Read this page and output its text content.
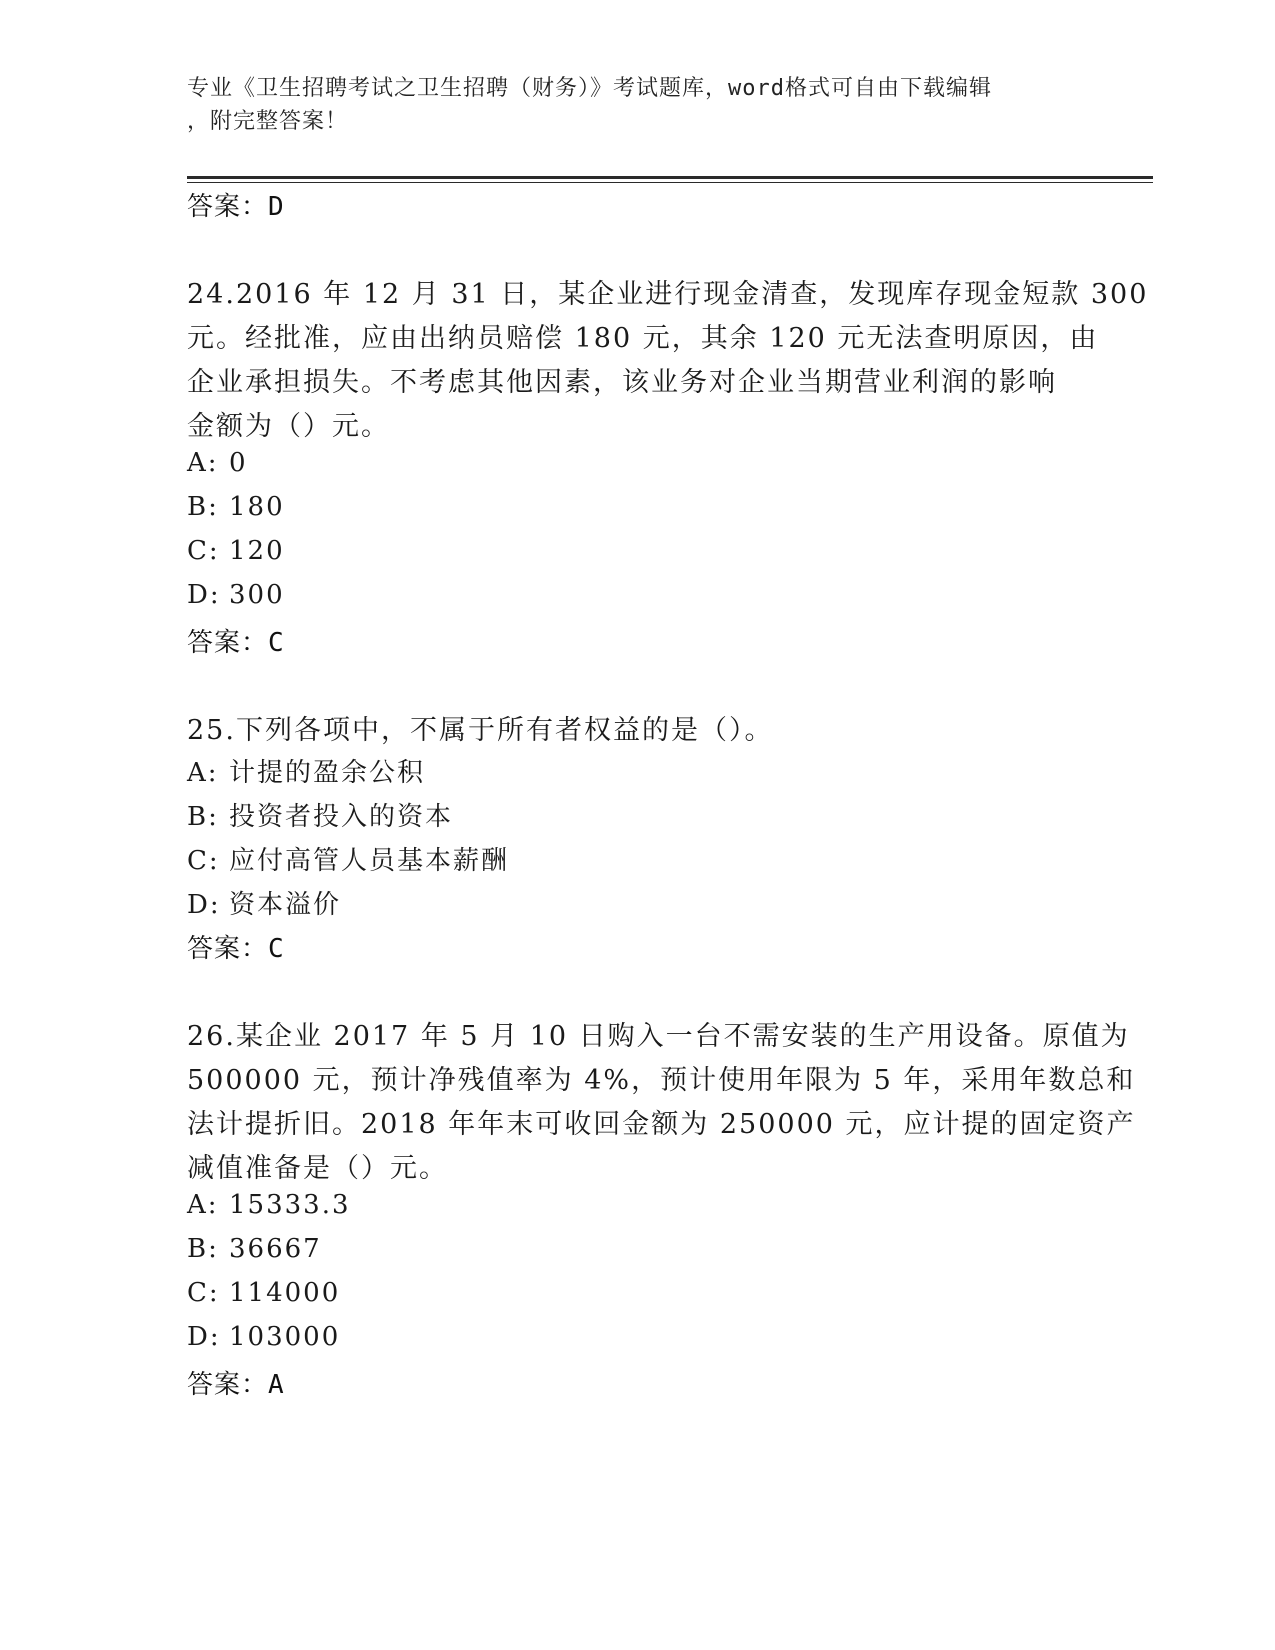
专业《卫生招聘考试之卫生招聘（财务）》考试题库，word格式可自由下载编辑
，附完整答案！
答案：D
24.2016 年 12 月 31 日，某企业进行现金清查，发现库存现金短款 300
元。经批准，应由出纳员赔偿 180 元，其余 120 元无法查明原因，由
企业承担损失。不考虑其他因素，该业务对企业当期营业利润的影响
金额为（）元。
A: 0
B: 180
C: 120
D: 300
答案：C
25.下列各项中，不属于所有者权益的是（）。
A: 计提的盈余公积
B: 投资者投入的资本
C: 应付高管人员基本薪酬
D: 资本溢价
答案：C
26.某企业 2017 年 5 月 10 日购入一台不需安装的生产用设备。原值为
500000 元，预计净残值率为 4%，预计使用年限为 5 年，采用年数总和
法计提折旧。2018 年年末可收回金额为 250000 元，应计提的固定资产
减值准备是（）元。
A: 15333.3
B: 36667
C: 114000
D: 103000
答案：A
